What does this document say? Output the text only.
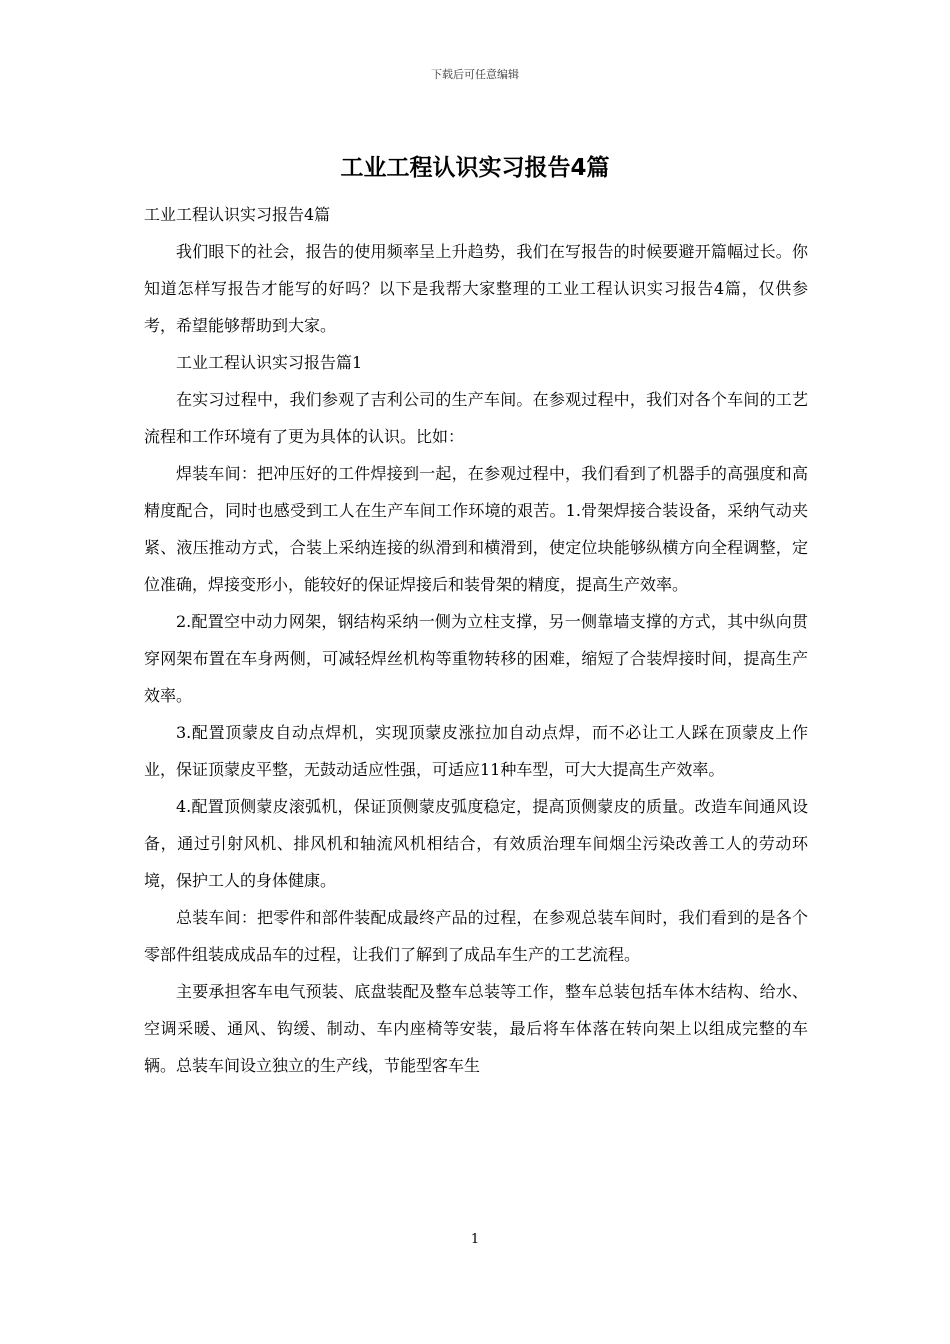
下载后可任意编辑
工业工程认识实习报告4篇

工业工程认识实习报告4篇

我们眼下的社会，报告的使用频率呈上升趋势，我们在写报告的时候要避开篇幅过长。你知道怎样写报告才能写的好吗？以下是我帮大家整理的工业工程认识实习报告4篇，仅供参考，希望能够帮助到大家。

工业工程认识实习报告篇1

在实习过程中，我们参观了吉利公司的生产车间。在参观过程中，我们对各个车间的工艺流程和工作环境有了更为具体的认识。比如：

焊装车间：把冲压好的工件焊接到一起，在参观过程中，我们看到了机器手的高强度和高精度配合，同时也感受到工人在生产车间工作环境的艰苦。1.骨架焊接合装设备，采纳气动夹紧、液压推动方式，合装上采纳连接的纵滑到和横滑到，使定位块能够纵横方向全程调整，定位准确，焊接变形小，能较好的保证焊接后和装骨架的精度，提高生产效率。

2.配置空中动力网架，钢结构采纳一侧为立柱支撑，另一侧靠墙支撑的方式，其中纵向贯穿网架布置在车身两侧，可减轻焊丝机构等重物转移的困难，缩短了合装焊接时间，提高生产效率。

3.配置顶蒙皮自动点焊机，实现顶蒙皮涨拉加自动点焊，而不必让工人踩在顶蒙皮上作业，保证顶蒙皮平整，无鼓动适应性强，可适应11种车型，可大大提高生产效率。

4.配置顶侧蒙皮滚弧机，保证顶侧蒙皮弧度稳定，提高顶侧蒙皮的质量。改造车间通风设备，通过引射风机、排风机和轴流风机相结合，有效质治理车间烟尘污染改善工人的劳动环境，保护工人的身体健康。

总装车间：把零件和部件装配成最终产品的过程，在参观总装车间时，我们看到的是各个零部件组装成成品车的过程，让我们了解到了成品车生产的工艺流程。

主要承担客车电气预装、底盘装配及整车总装等工作，整车总装包括车体木结构、给水、空调采暖、通风、钩缓、制动、车内座椅等安装，最后将车体落在转向架上以组成完整的车辆。总装车间设立独立的生产线，节能型客车生

1
